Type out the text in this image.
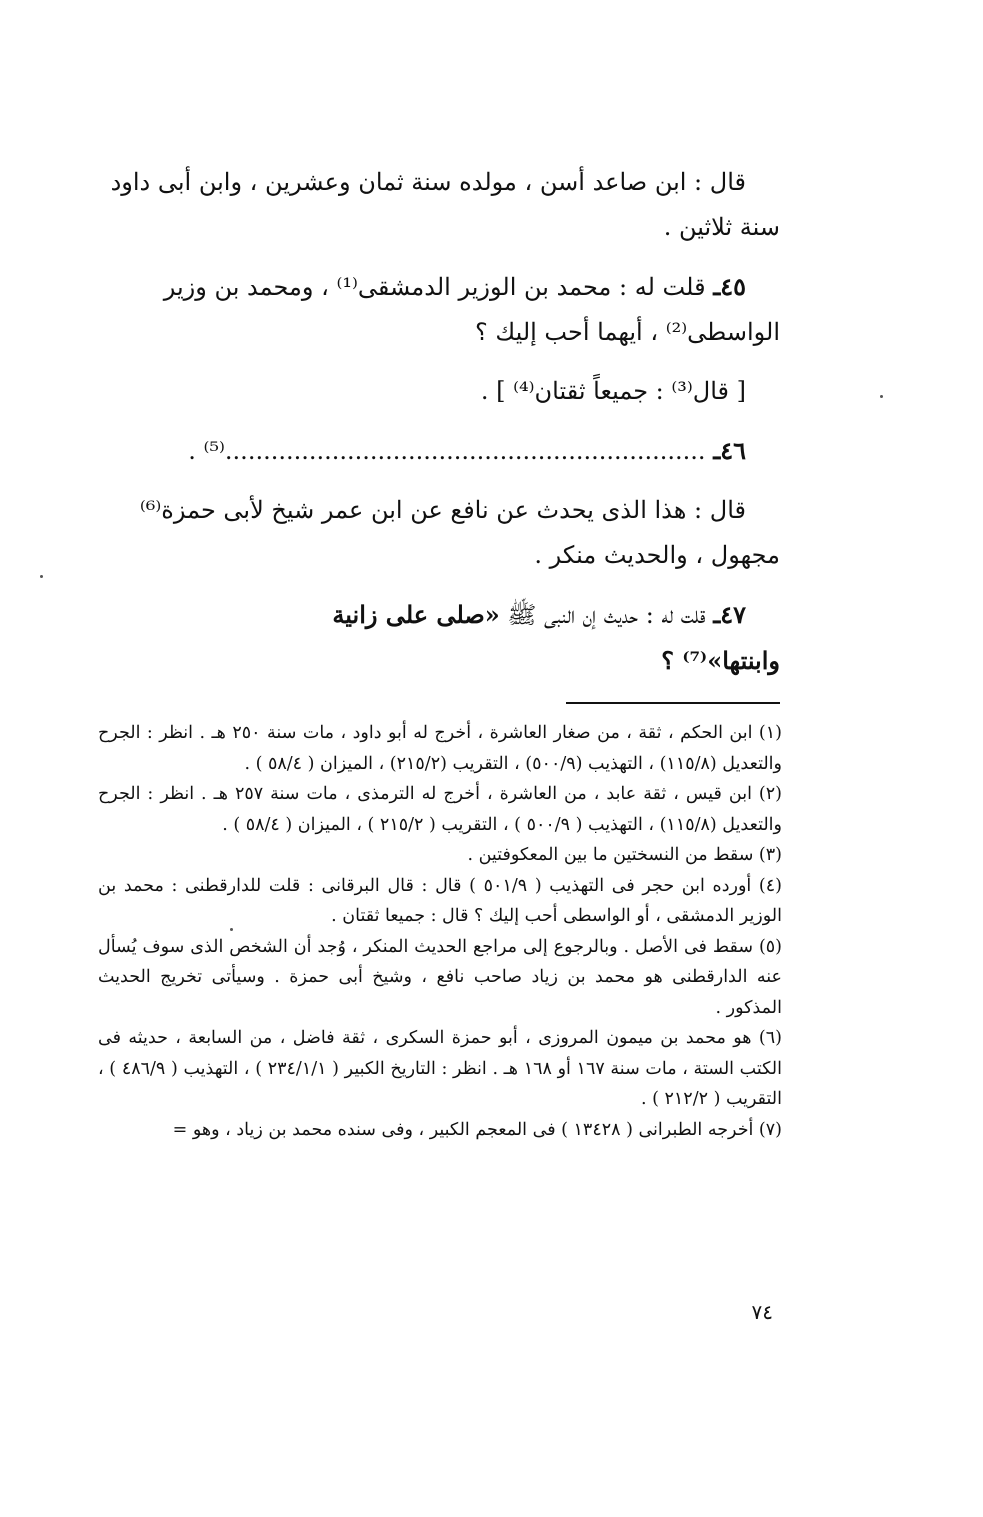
قال : ابن صاعد أسن ، مولده سنة ثمان وعشرين ، وابن أبى داود

سنة ثلاثين .

٤٥ـ قلت له : محمد بن الوزير الدمشقى⁽¹⁾ ، ومحمد بن وزير

الواسطى⁽²⁾ ، أيهما أحب إليك ؟

[ قال⁽³⁾ : جميعاً ثقتان⁽⁴⁾ ] .

٤٦ـ ...............................................................⁽⁵⁾ .

قال : هذا الذى يحدث عن نافع عن ابن عمر شيخ لأبى حمزة⁽⁶⁾

مجهول ، والحديث منكر .

٤٧ـ قلت له : حديث إن النبى ﷺ «صلى على زانية

وابنتها»⁽⁷⁾ ؟

(١) ابن الحكم ، ثقة ، من صغار العاشرة ، أخرج له أبو داود ، مات سنة ٢٥٠ هـ . انظر : الجرح والتعديل (١١٥/٨) ، التهذيب (٥٠٠/٩) ، التقريب (٢١٥/٢) ، الميزان ( ٥٨/٤ ) .

(٢) ابن قيس ، ثقة عابد ، من العاشرة ، أخرج له الترمذى ، مات سنة ٢٥٧ هـ . انظر : الجرح والتعديل (١١٥/٨) ، التهذيب ( ٥٠٠/٩ ) ، التقريب ( ٢١٥/٢ ) ، الميزان ( ٥٨/٤ ) .

(٣) سقط من النسختين ما بين المعكوفتين .

(٤) أورده ابن حجر فى التهذيب ( ٥٠١/٩ ) قال : قال البرقانى : قلت للدارقطنى : محمد بن الوزير الدمشقى ، أو الواسطى أحب إليك ؟ قال : جميعا ثقتان .

(٥) سقط فى الأصل . وبالرجوع إلى مراجع الحديث المنكر ، وُجد أن الشخص الذى سوف يُسأل عنه الدارقطنى هو محمد بن زياد صاحب نافع ، وشيخ أبى حمزة . وسيأتى تخريج الحديث المذكور .

(٦) هو محمد بن ميمون المروزى ، أبو حمزة السكرى ، ثقة فاضل ، من السابعة ، حديثه فى الكتب الستة ، مات سنة ١٦٧ أو ١٦٨ هـ . انظر : التاريخ الكبير ( ٢٣٤/١/١ ) ، التهذيب ( ٤٨٦/٩ ) ، التقريب ( ٢١٢/٢ ) .

(٧) أخرجه الطبرانى ( ١٣٤٢٨ ) فى المعجم الكبير ، وفى سنده محمد بن زياد ، وهو =

٧٤
